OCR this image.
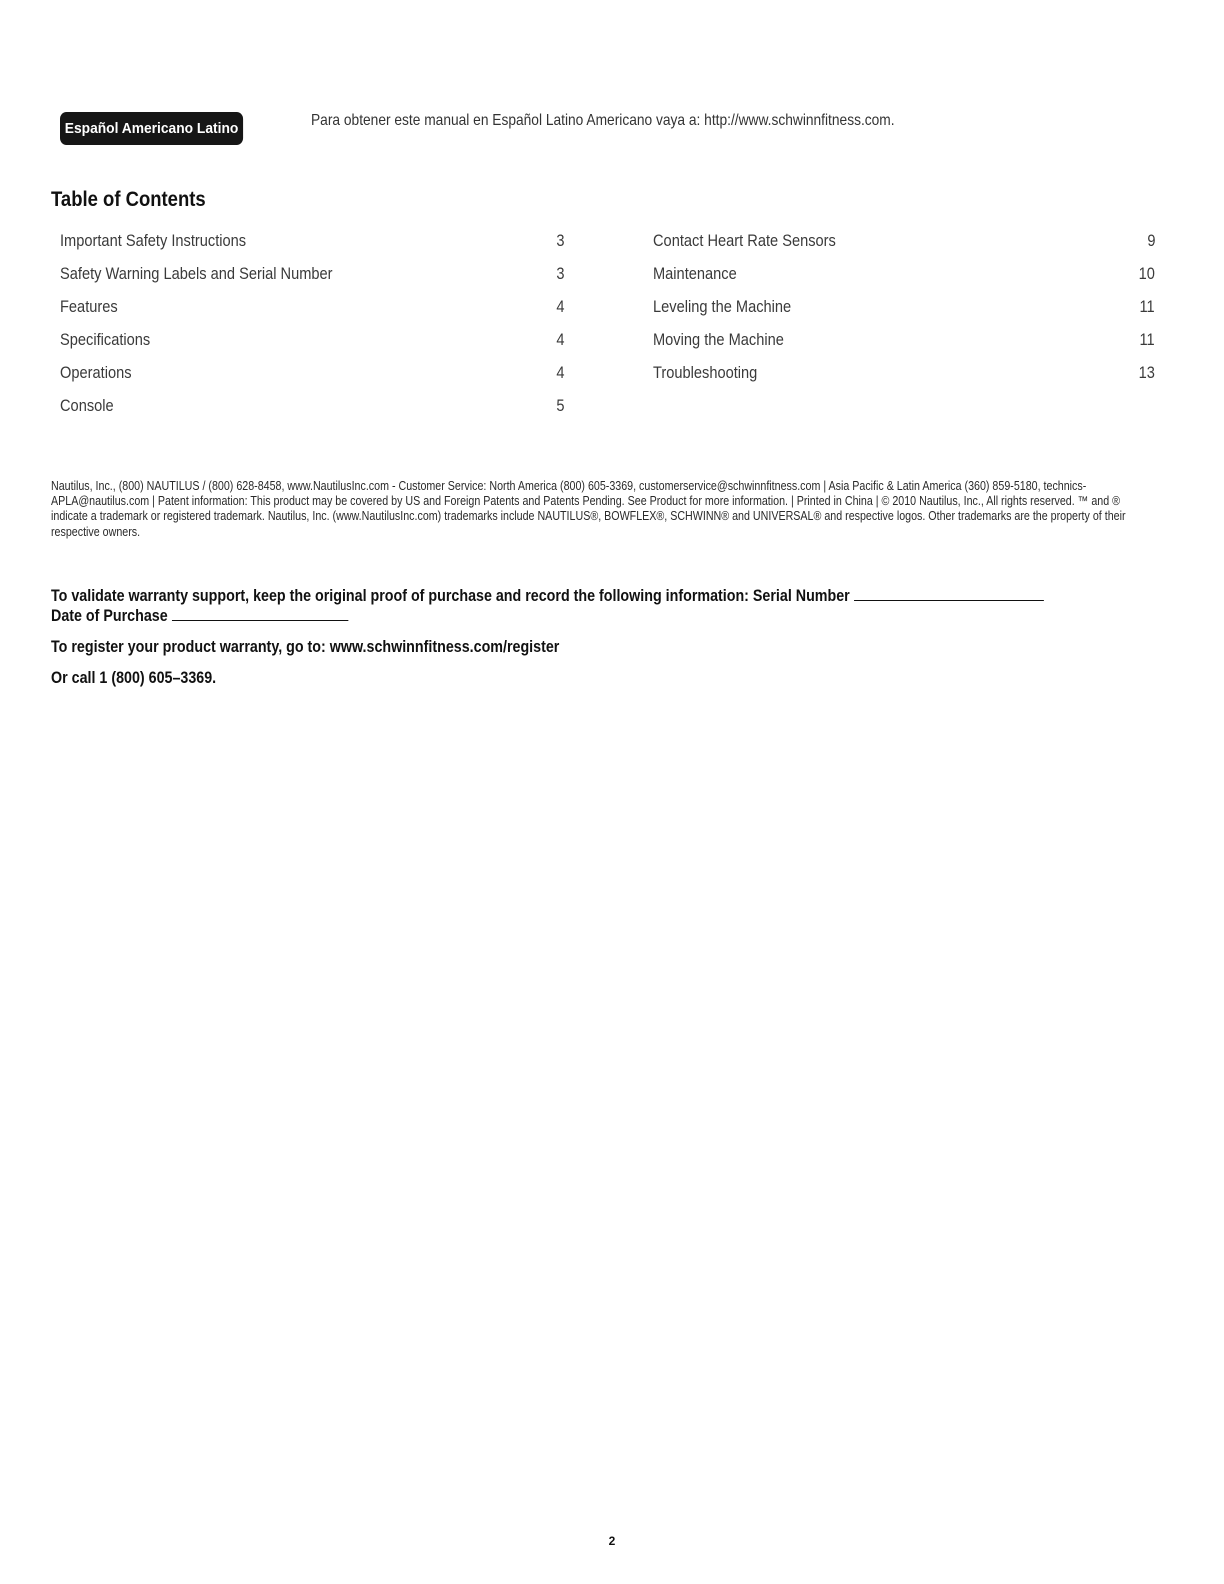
Español Americano Latino	Para obtener este manual en Español Latino Americano vaya a: http://www.schwinnfitness.com.
Table of Contents
Important Safety Instructions	3
Safety Warning Labels and Serial Number	3
Features	4
Specifications	4
Operations	4
Console	5
Contact Heart Rate Sensors	9
Maintenance	10
Leveling the Machine	11
Moving the Machine	11
Troubleshooting	13

Nautilus, Inc., (800) NAUTILUS / (800) 628-8458, www.NautilusInc.com - Customer Service: North America (800) 605-3369, customerservice@schwinnfitness.com | Asia Pacific & Latin America (360) 859-5180, technics-APLA@nautilus.com | Patent information: This product may be covered by US and Foreign Patents and Patents Pending. See Product for more information. | Printed in China | © 2010 Nautilus, Inc., All rights reserved. ™ and ® indicate a trademark or registered trademark. Nautilus, Inc. (www.NautilusInc.com) trademarks include NAUTILUS®, BOWFLEX®, SCHWINN® and UNIVERSAL® and respective logos. Other trademarks are the property of their respective owners.

To validate warranty support, keep the original proof of purchase and record the following information: Serial Number

Date of Purchase

To register your product warranty, go to: www.schwinnfitness.com/register

Or call 1 (800) 605–3369.

2
